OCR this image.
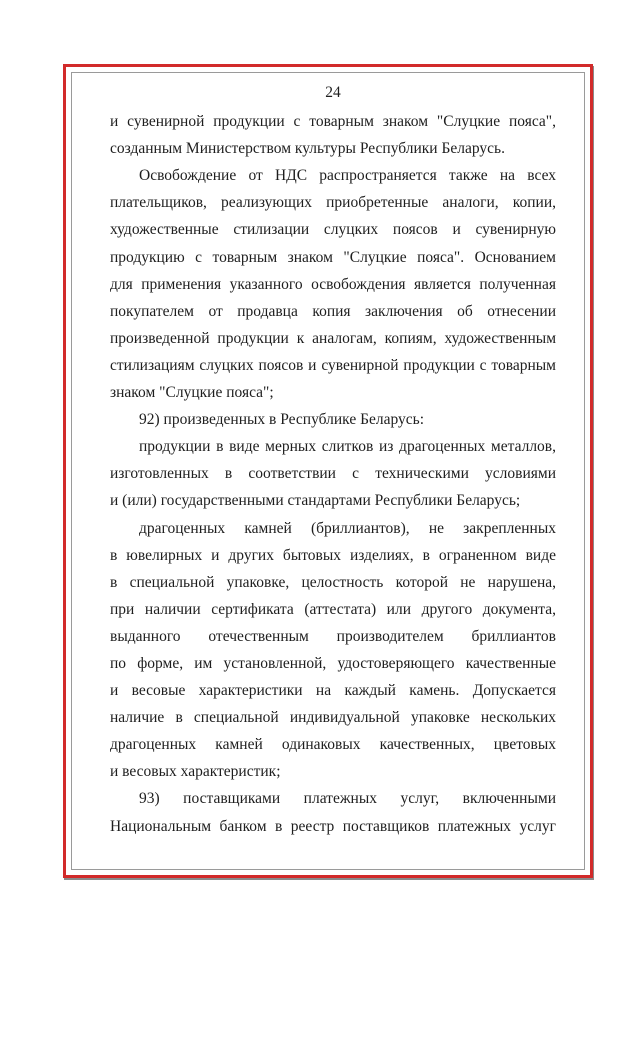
24
и сувенирной продукции с товарным знаком "Слуцкие пояса",
созданным Министерством культуры Республики Беларусь.
Освобождение от НДС распространяется также на всех
плательщиков, реализующих приобретенные аналоги, копии,
художественные стилизации слуцких поясов и сувенирную
продукцию с товарным знаком "Слуцкие пояса". Основанием
для применения указанного освобождения является полученная
покупателем от продавца копия заключения об отнесении
произведенной продукции к аналогам, копиям, художественным
стилизациям слуцких поясов и сувенирной продукции с товарным
знаком "Слуцкие пояса";
92) произведенных в Республике Беларусь:
продукции в виде мерных слитков из драгоценных металлов,
изготовленных в соответствии с техническими условиями
и (или) государственными стандартами Республики Беларусь;
драгоценных камней (бриллиантов), не закрепленных
в ювелирных и других бытовых изделиях, в ограненном виде
в специальной упаковке, целостность которой не нарушена,
при наличии сертификата (аттестата) или другого документа,
выданного отечественным производителем бриллиантов
по форме, им установленной, удостоверяющего качественные
и весовые характеристики на каждый камень. Допускается
наличие в специальной индивидуальной упаковке нескольких
драгоценных камней одинаковых качественных, цветовых
и весовых характеристик;
93) поставщиками платежных услуг, включенными
Национальным банком в реестр поставщиков платежных услуг
